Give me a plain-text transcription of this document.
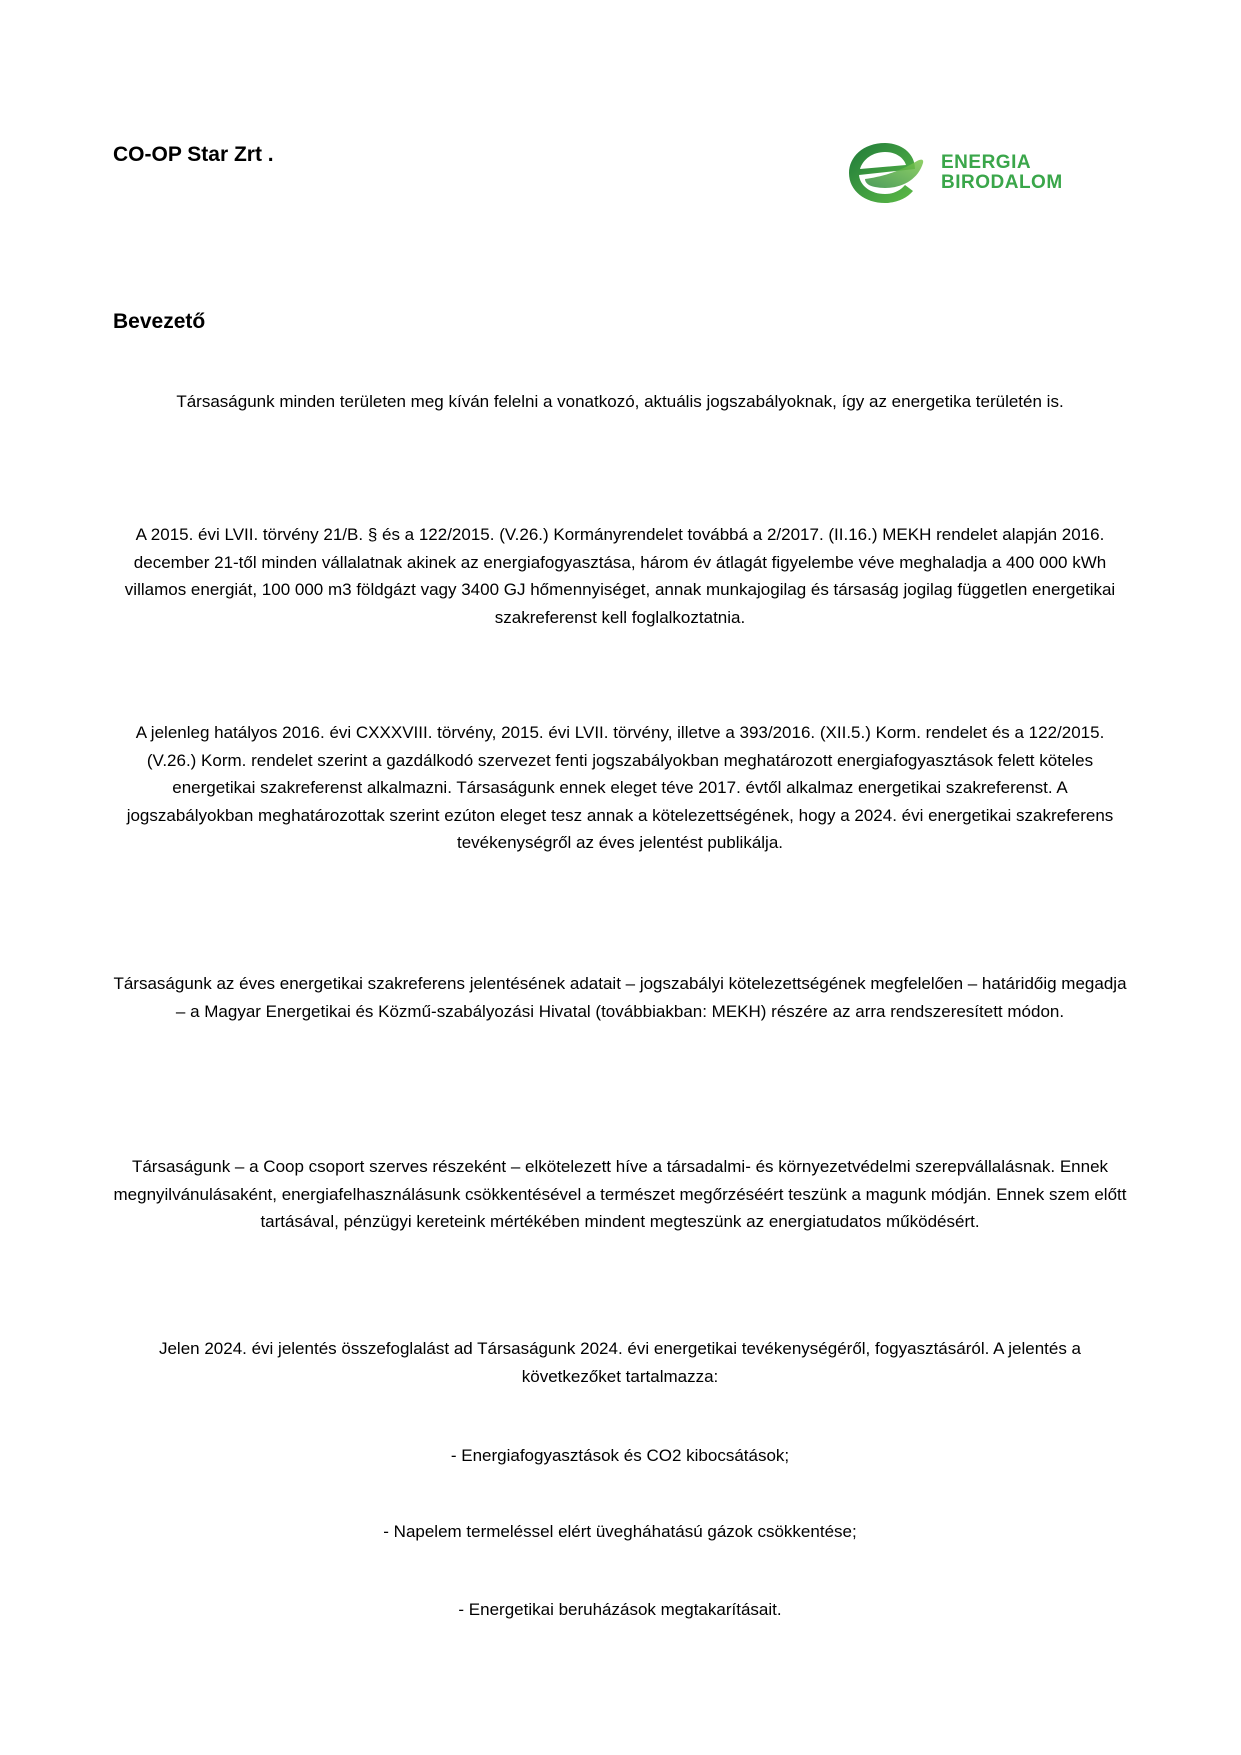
CO-OP Star Zrt .	ENERGIA
BIRODALOM
Bevezető
Társaságunk minden területen meg kíván felelni a vonatkozó, aktuális jogszabályoknak, így az energetika területén is.
A 2015. évi LVII. törvény 21/B. § és a 122/2015. (V.26.) Kormányrendelet továbbá a 2/2017. (II.16.) MEKH rendelet alapján 2016. december 21-től minden vállalatnak akinek az energiafogyasztása, három év átlagát figyelembe véve meghaladja a 400 000 kWh villamos energiát, 100 000 m3 földgázt vagy 3400 GJ hőmennyiséget, annak munkajogilag és társaság jogilag független energetikai szakreferenst kell foglalkoztatnia.
A jelenleg hatályos 2016. évi CXXXVIII. törvény, 2015. évi LVII. törvény, illetve a 393/2016. (XII.5.) Korm. rendelet és a 122/2015. (V.26.) Korm. rendelet szerint a gazdálkodó szervezet fenti jogszabályokban meghatározott energiafogyasztások felett köteles energetikai szakreferenst alkalmazni. Társaságunk ennek eleget téve 2017. évtől alkalmaz energetikai szakreferenst. A jogszabályokban meghatározottak szerint ezúton eleget tesz annak a kötelezettségének, hogy a 2024. évi energetikai szakreferens tevékenységről az éves jelentést publikálja.
Társaságunk az éves energetikai szakreferens jelentésének adatait – jogszabályi kötelezettségének megfelelően – határidőig megadja – a Magyar Energetikai és Közmű-szabályozási Hivatal (továbbiakban: MEKH) részére az arra rendszeresített módon.
Társaságunk – a Coop csoport szerves részeként – elkötelezett híve a társadalmi- és környezetvédelmi szerepvállalásnak. Ennek megnyilvánulásaként, energiafelhasználásunk csökkentésével a természet megőrzéséért teszünk a magunk módján. Ennek szem előtt tartásával, pénzügyi kereteink mértékében mindent megteszünk az energiatudatos működésért.
Jelen 2024. évi jelentés összefoglalást ad Társaságunk 2024. évi energetikai tevékenységéről, fogyasztásáról. A jelentés a következőket tartalmazza:
- Energiafogyasztások és CO2 kibocsátások;
- Napelem termeléssel elért üvegháhatású gázok csökkentése;
- Energetikai beruházások megtakarításait.
